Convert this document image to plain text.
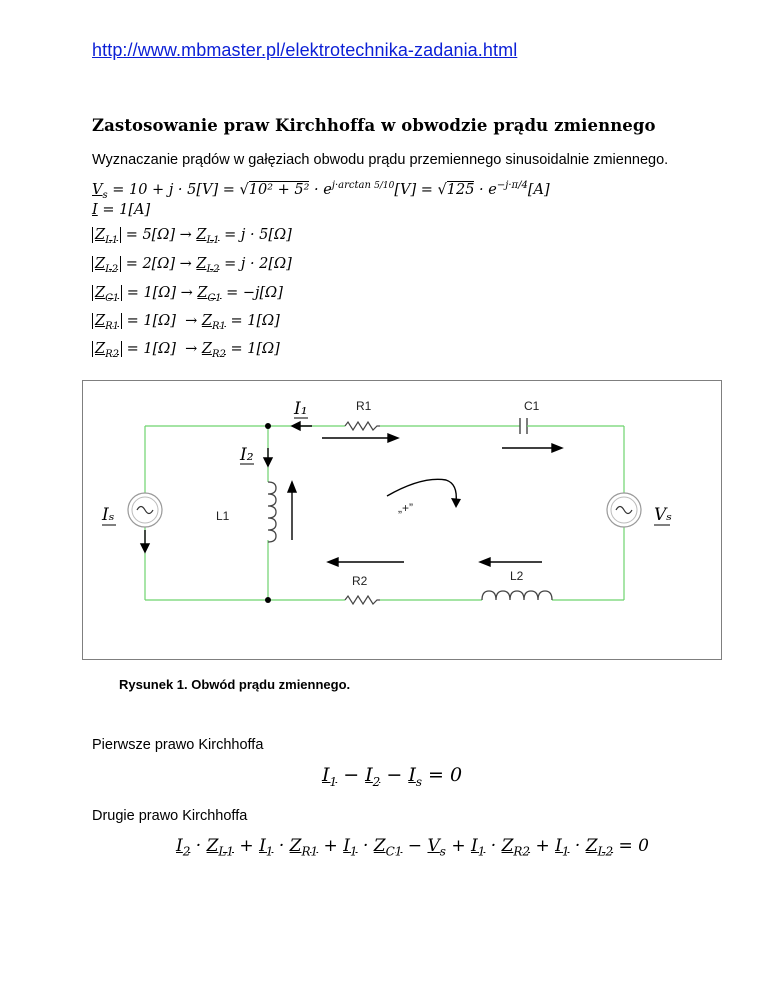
http://www.mbmaster.pl/elektrotechnika-zadania.html
Zastosowanie praw Kirchhoffa w obwodzie prądu zmiennego
Wyznaczanie prądów w gałęziach obwodu prądu przemiennego sinusoidalnie zmiennego.
$V_s = 10 + j \cdot 5[V] = √10^2 + 5^2 \cdot e^{j\cdot arctan 5/10}[V] = √125 \cdot e^{-j\cdot\pi/4}[A]$
I = 1[A]
$Z_{L1} = 5[\Omega] \to Z_{L1} = j \cdot 5[\Omega]$
$Z_{L2} = 2[\Omega] \to Z_{L2} = j \cdot 2[\Omega]$
$Z_{C1} = 1[\Omega] \to Z_{C1} = -j[\Omega]$
$Z_{R1} = 1[\Omega] \to Z_{R1} = 1[\Omega]$
$Z_{R2} = 1[\Omega] \to Z_{R2} = 1[\Omega]$
I₁
I₂
Iₛ	Vₛ
R1	C1
L1
R2	L2
„+”
Rysunek 1. Obwód prądu zmiennego.
Pierwsze prawo Kirchhoffa
$I_1 - I_2 - I_s = 0$
Drugie prawo Kirchhoffa
$I_2 \cdot Z_{L1} + I_1 \cdot Z_{R1} + I_1 \cdot Z_{C1} - V_s + I_1 \cdot Z_{R2} + I_1 \cdot Z_{L2} = 0$
